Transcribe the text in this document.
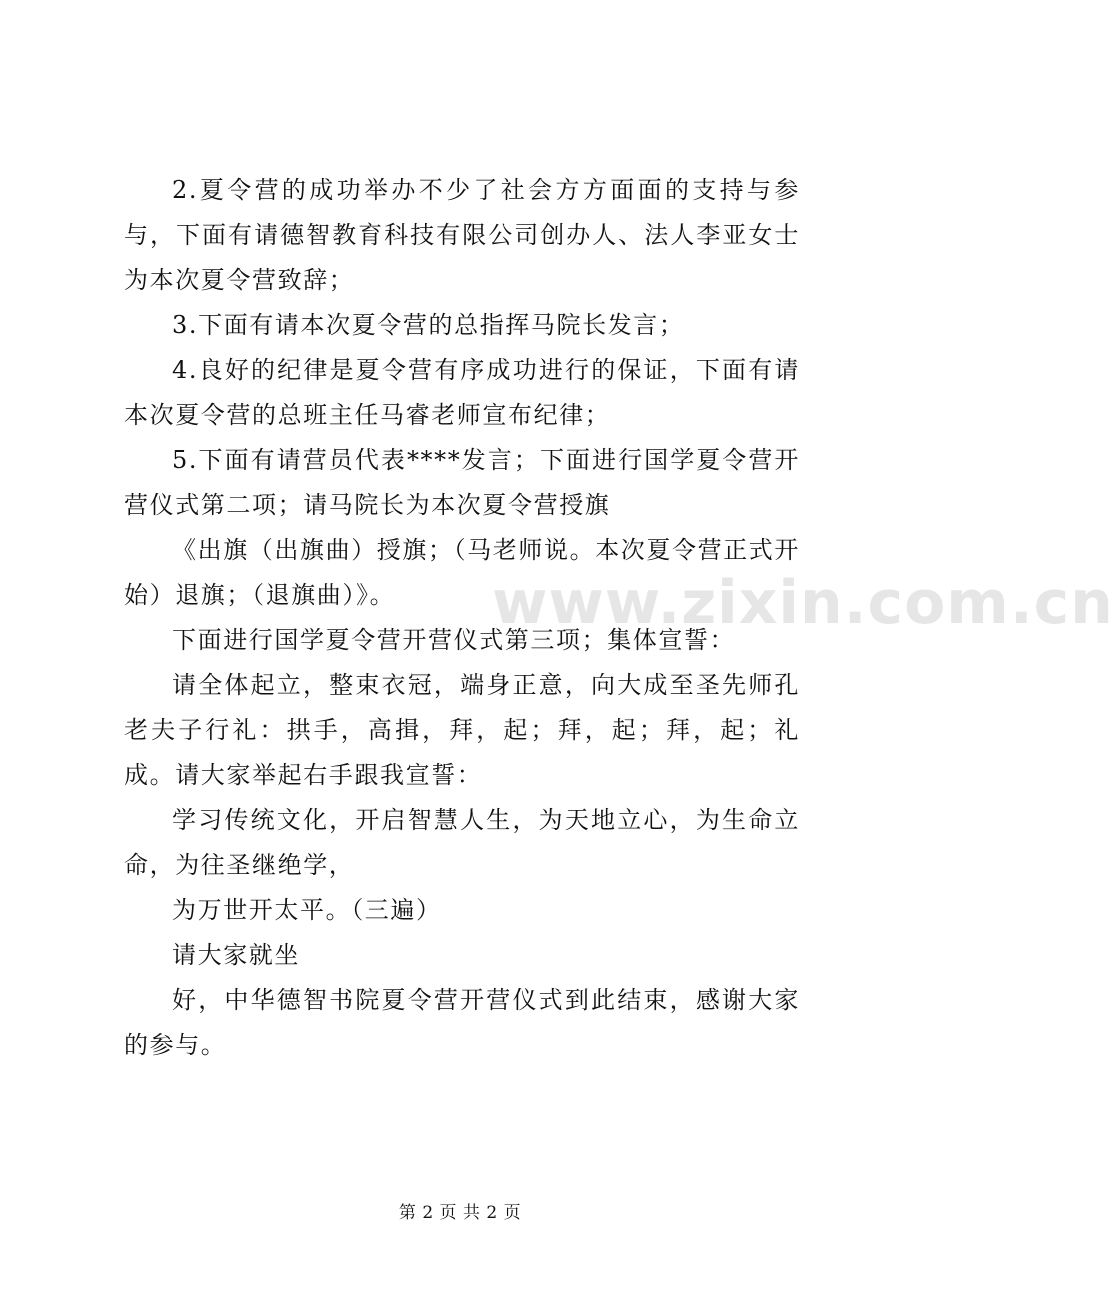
www.zixin.com.cn

2.夏令营的成功举办不少了社会方方面面的支持与参与，下面有请德智教育科技有限公司创办人、法人李亚女士为本次夏令营致辞；

3.下面有请本次夏令营的总指挥马院长发言；

4.良好的纪律是夏令营有序成功进行的保证，下面有请本次夏令营的总班主任马睿老师宣布纪律；

5.下面有请营员代表****发言；下面进行国学夏令营开营仪式第二项；请马院长为本次夏令营授旗

《出旗（出旗曲）授旗；（马老师说。本次夏令营正式开始）退旗；（退旗曲）》。

下面进行国学夏令营开营仪式第三项；集体宣誓：

请全体起立，整束衣冠，端身正意，向大成至圣先师孔老夫子行礼：拱手，高揖，拜，起；拜，起；拜，起；礼成。请大家举起右手跟我宣誓：

学习传统文化，开启智慧人生，为天地立心，为生命立命，为往圣继绝学，

为万世开太平。（三遍）

请大家就坐

好，中华德智书院夏令营开营仪式到此结束，感谢大家的参与。

第 2 页 共 2 页
